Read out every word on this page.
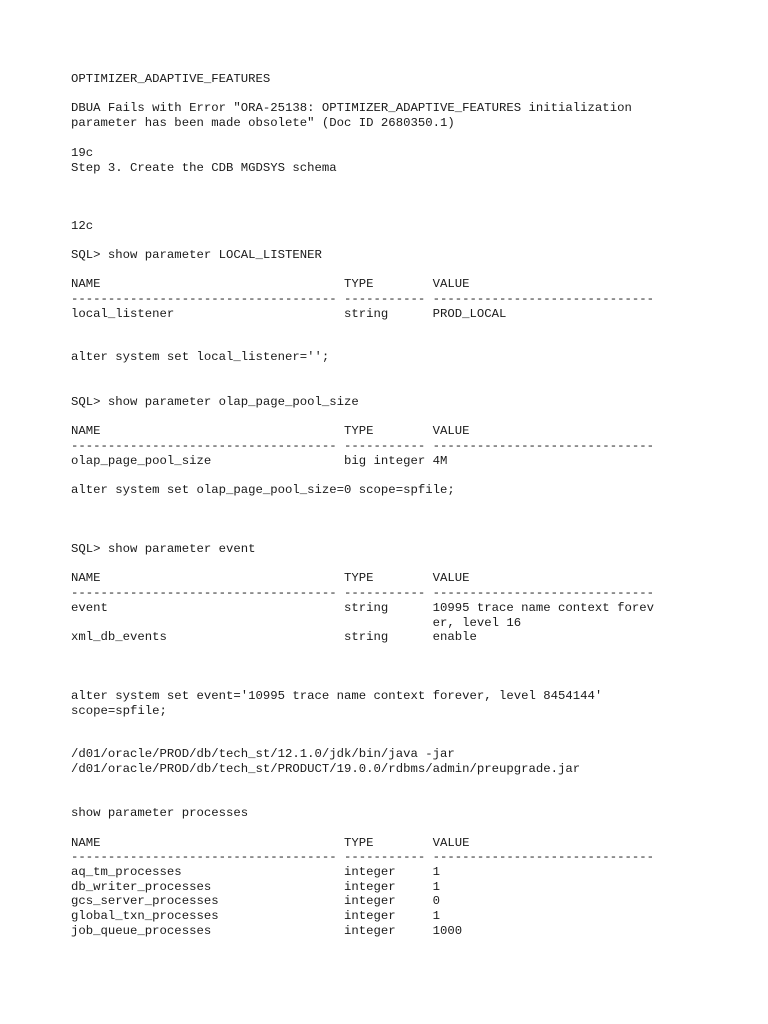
OPTIMIZER_ADAPTIVE_FEATURES
DBUA Fails with Error "ORA-25138: OPTIMIZER_ADAPTIVE_FEATURES initialization
parameter has been made obsolete" (Doc ID 2680350.1)
19c
Step 3. Create the CDB MGDSYS schema
12c
SQL> show parameter LOCAL_LISTENER
NAME                                 TYPE        VALUE
------------------------------------ ----------- ------------------------------
local_listener                       string      PROD_LOCAL
alter system set local_listener='';
SQL> show parameter olap_page_pool_size
NAME                                 TYPE        VALUE
------------------------------------ ----------- ------------------------------
olap_page_pool_size                  big integer 4M
alter system set olap_page_pool_size=0 scope=spfile;
SQL> show parameter event
NAME                                 TYPE        VALUE
------------------------------------ ----------- ------------------------------
event                                string      10995 trace name context forev
er, level 16
xml_db_events                        string      enable
alter system set event='10995 trace name context forever, level 8454144'
scope=spfile;
/d01/oracle/PROD/db/tech_st/12.1.0/jdk/bin/java -jar
/d01/oracle/PROD/db/tech_st/PRODUCT/19.0.0/rdbms/admin/preupgrade.jar
show parameter processes
NAME                                 TYPE        VALUE
------------------------------------ ----------- ------------------------------
aq_tm_processes                      integer     1
db_writer_processes                  integer     1
gcs_server_processes                 integer     0
global_txn_processes                 integer     1
job_queue_processes                  integer     1000
